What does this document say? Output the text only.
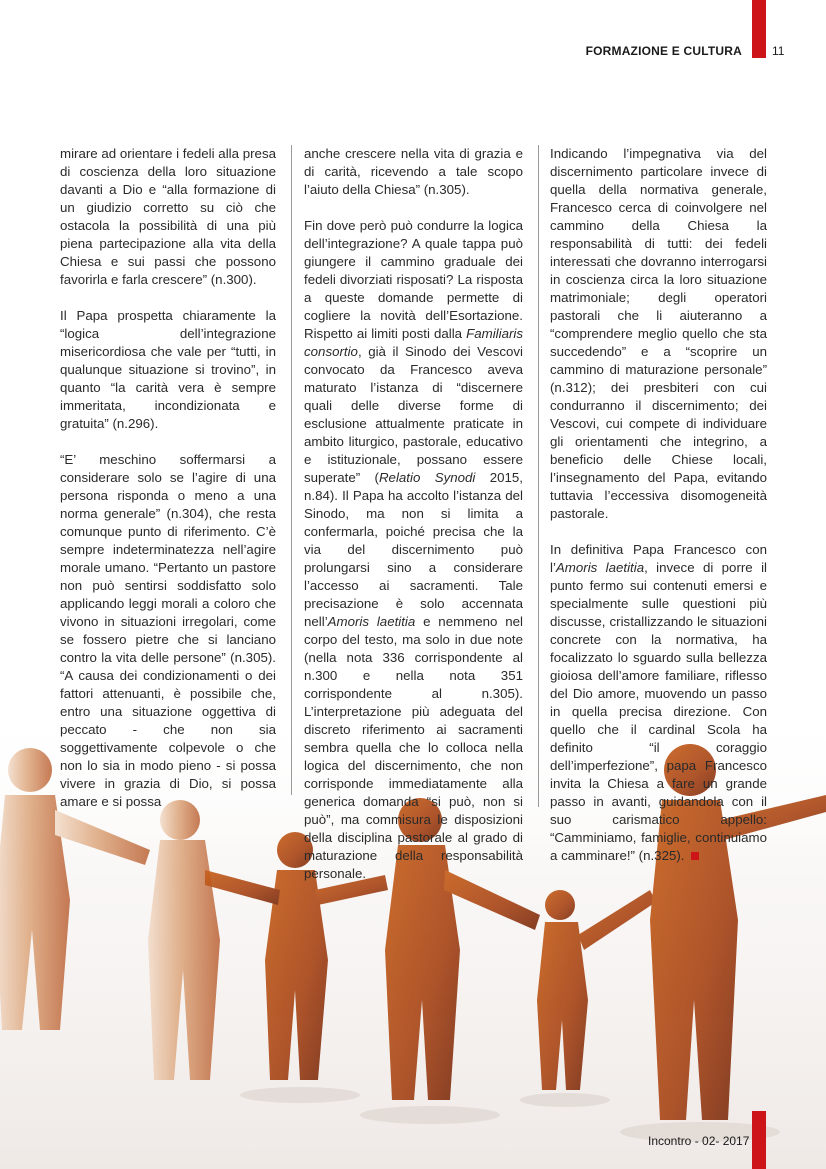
FORMAZIONE E CULTURA	11

mirare ad orientare i fedeli alla presa di coscienza della loro situazione davanti a Dio e “alla formazione di un giudizio corretto su ciò che ostacola la possibilità di una più piena partecipazione alla vita della Chiesa e sui passi che possono favorirla e farla crescere” (n.300).

Il Papa prospetta chiaramente la “logica dell’integrazione misericordiosa che vale per “tutti, in qualunque situazione si trovino”, in quanto “la carità vera è sempre immeritata, incondizionata e gratuita” (n.296).

“E’ meschino soffermarsi a considerare solo se l’agire di una persona risponda o meno a una norma generale” (n.304), che resta comunque punto di riferimento. C’è sempre indeterminatezza nell’agire morale umano. “Pertanto un pastore non può sentirsi soddisfatto solo applicando leggi morali a coloro che vivono in situazioni irregolari, come se fossero pietre che si lanciano contro la vita delle persone” (n.305). “A causa dei condizionamenti o dei fattori attenuanti, è possibile che, entro una situazione oggettiva di peccato - che non sia soggettivamente colpevole o che non lo sia in modo pieno - si possa vivere in grazia di Dio, si possa amare e si possa

anche crescere nella vita di grazia e di carità, ricevendo a tale scopo l’aiuto della Chiesa” (n.305).

Fin dove però può condurre la logica dell’integrazione? A quale tappa può giungere il cammino graduale dei fedeli divorziati risposati? La risposta a queste domande permette di cogliere la novità dell’Esortazione. Rispetto ai limiti posti dalla Familiaris consortio, già il Sinodo dei Vescovi convocato da Francesco aveva maturato l’istanza di “discernere quali delle diverse forme di esclusione attualmente praticate in ambito liturgico, pastorale, educativo e istituzionale, possano essere superate” (Relatio Synodi 2015, n.84). Il Papa ha accolto l’istanza del Sinodo, ma non si limita a confermarla, poiché precisa che la via del discernimento può prolungarsi sino a considerare l’accesso ai sacramenti. Tale precisazione è solo accennata nell’Amoris laetitia e nemmeno nel corpo del testo, ma solo in due note (nella nota 336 corrispondente al n.300 e nella nota 351 corrispondente al n.305). L’interpretazione più adeguata del discreto riferimento ai sacramenti sembra quella che lo colloca nella logica del discernimento, che non corrisponde immediatamente alla generica domanda “si può, non si può”, ma commisura le disposizioni della disciplina pastorale al grado di maturazione della responsabilità personale.

Indicando l’impegnativa via del discernimento particolare invece di quella della normativa generale, Francesco cerca di coinvolgere nel cammino della Chiesa la responsabilità di tutti: dei fedeli interessati che dovranno interrogarsi in coscienza circa la loro situazione matrimoniale; degli operatori pastorali che li aiuteranno a “comprendere meglio quello che sta succedendo” e a “scoprire un cammino di maturazione personale” (n.312); dei presbiteri con cui condurranno il discernimento; dei Vescovi, cui compete di individuare gli orientamenti che integrino, a beneficio delle Chiese locali, l’insegnamento del Papa, evitando tuttavia l’eccessiva disomogeneità pastorale.

In definitiva Papa Francesco con l’Amoris laetitia, invece di porre il punto fermo sui contenuti emersi e specialmente sulle questioni più discusse, cristallizzando le situazioni concrete con la normativa, ha focalizzato lo sguardo sulla bellezza gioiosa dell’amore familiare, riflesso del Dio amore, muovendo un passo in quella precisa direzione. Con quello che il cardinal Scola ha definito “il coraggio dell’imperfezione”, papa Francesco invita la Chiesa a fare un grande passo in avanti, guidandola con il suo carismatico appello: “Camminiamo, famiglie, continuiamo a camminare!” (n.325).

Incontro - 02- 2017
